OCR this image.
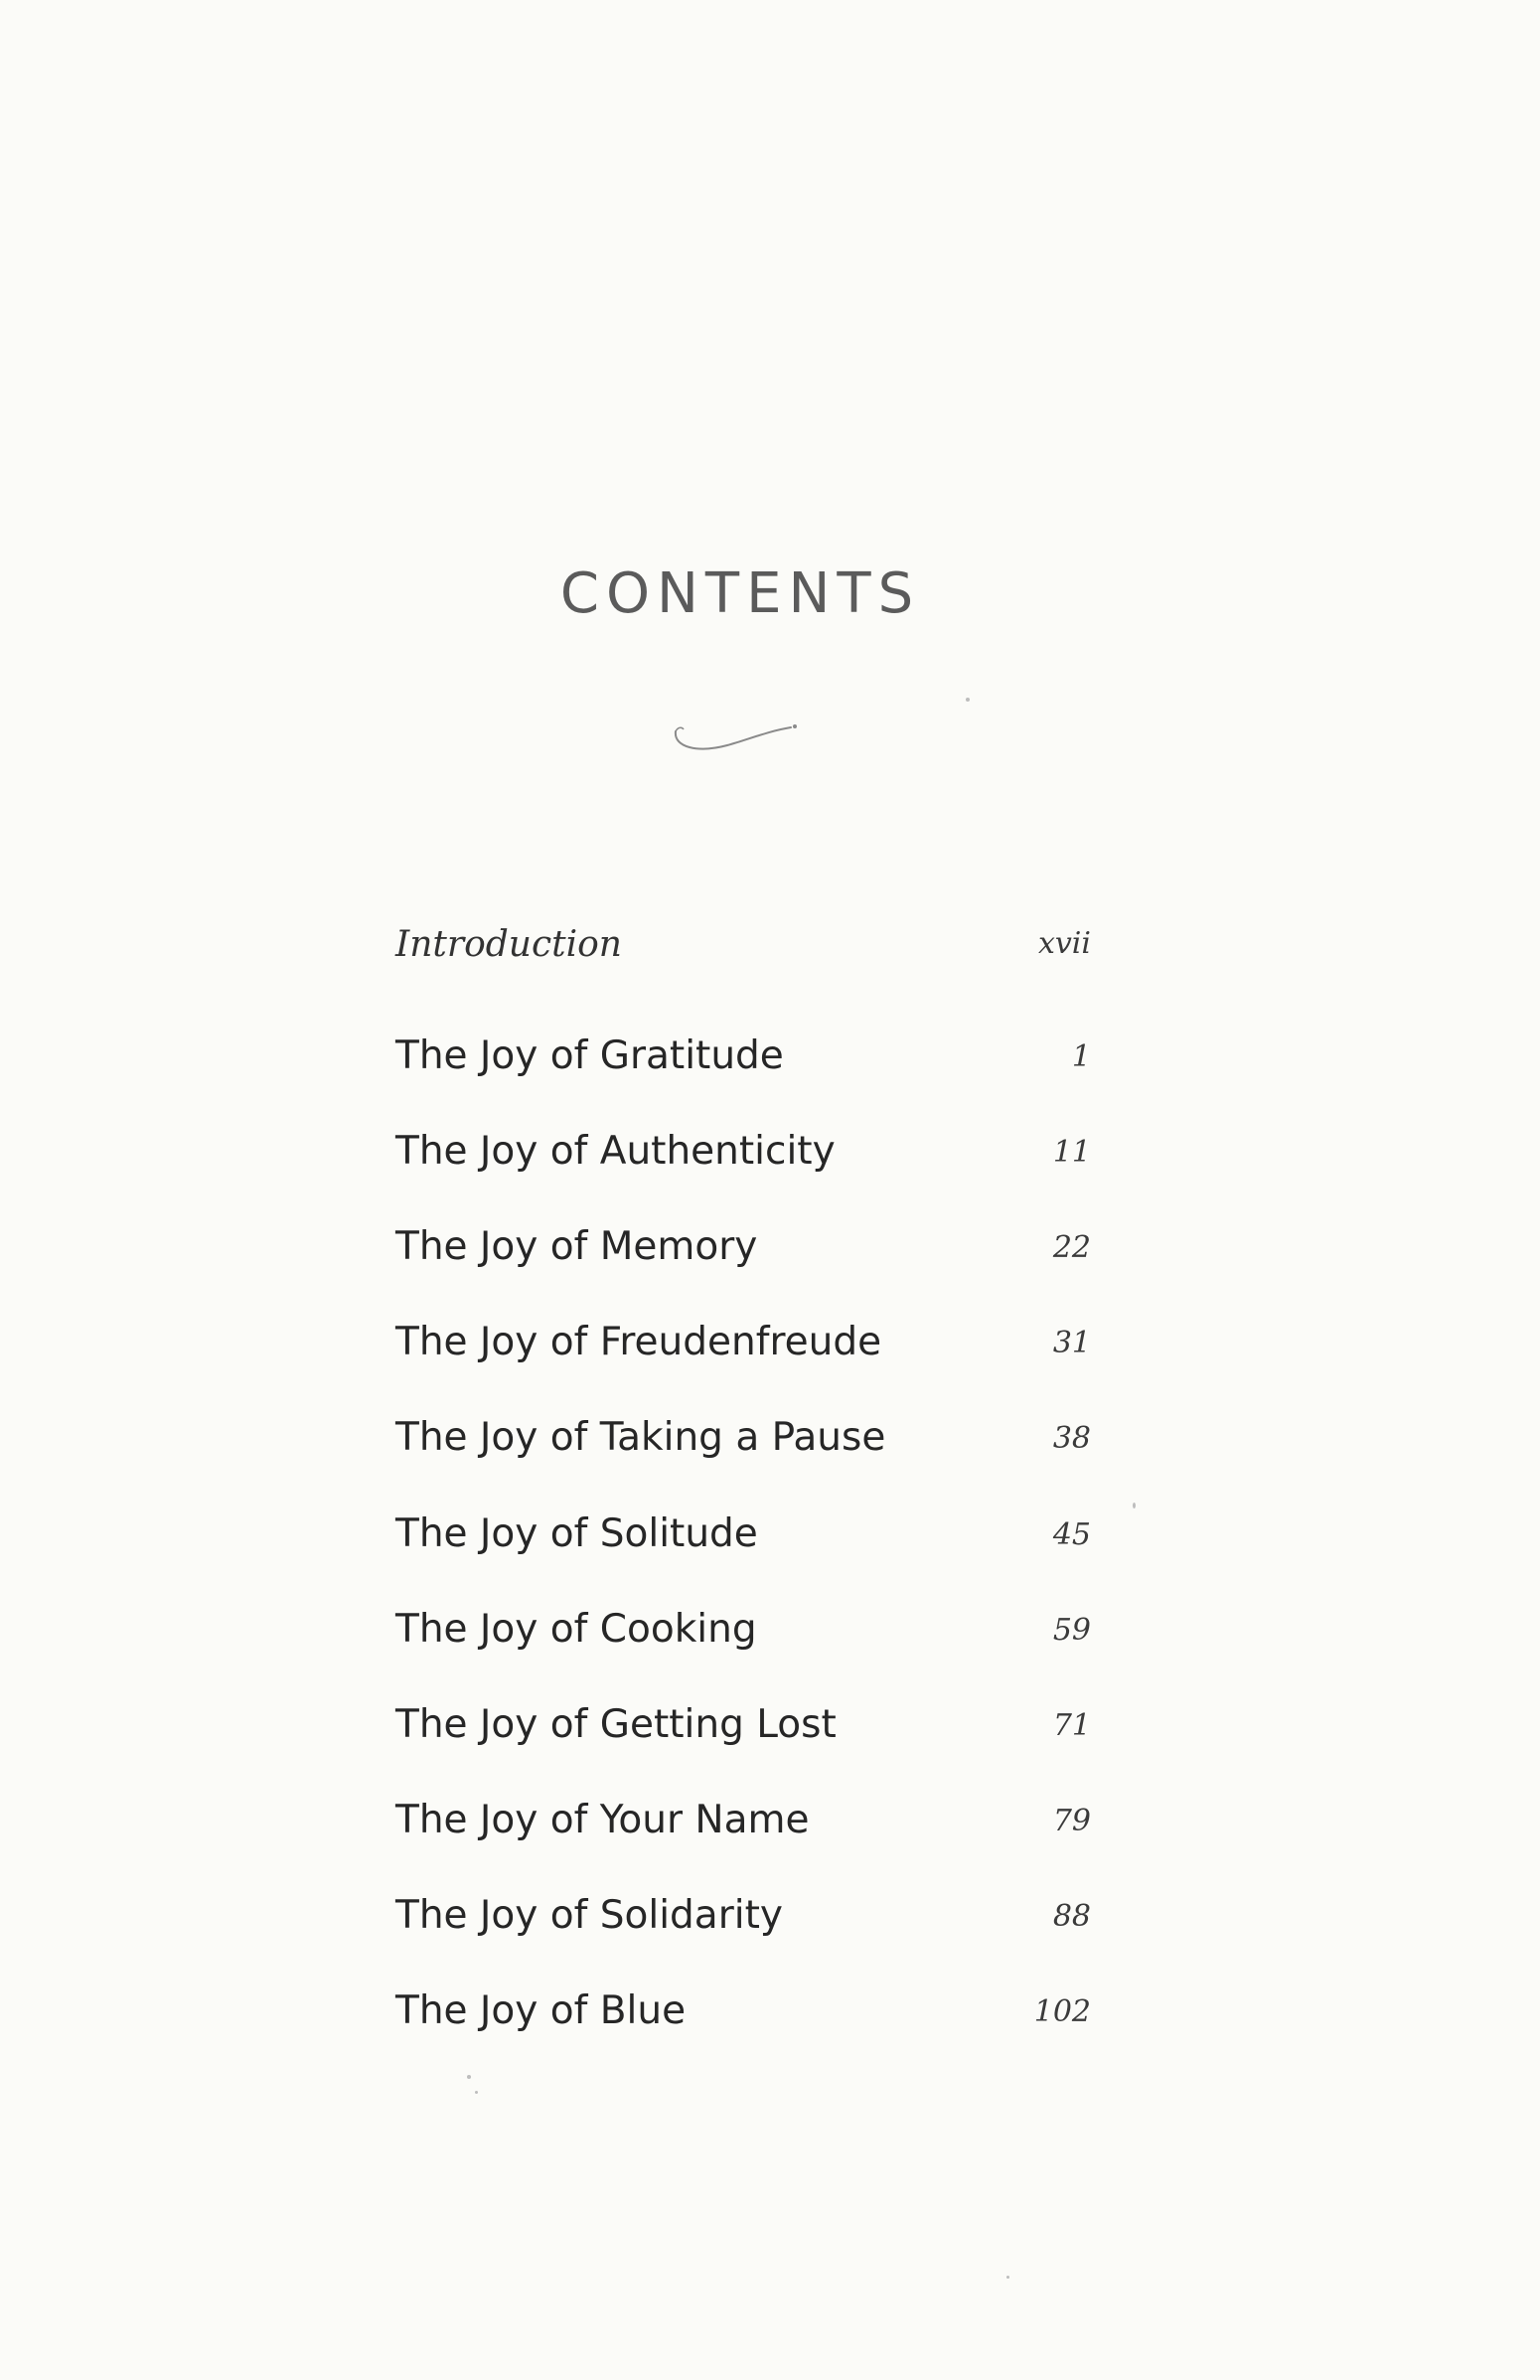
CONTENTS
Introduction	xvii
The Joy of Gratitude	1
The Joy of Authenticity	11
The Joy of Memory	22
The Joy of Freudenfreude	31
The Joy of Taking a Pause	38
The Joy of Solitude	45
The Joy of Cooking	59
The Joy of Getting Lost	71
The Joy of Your Name	79
The Joy of Solidarity	88
The Joy of Blue	102
